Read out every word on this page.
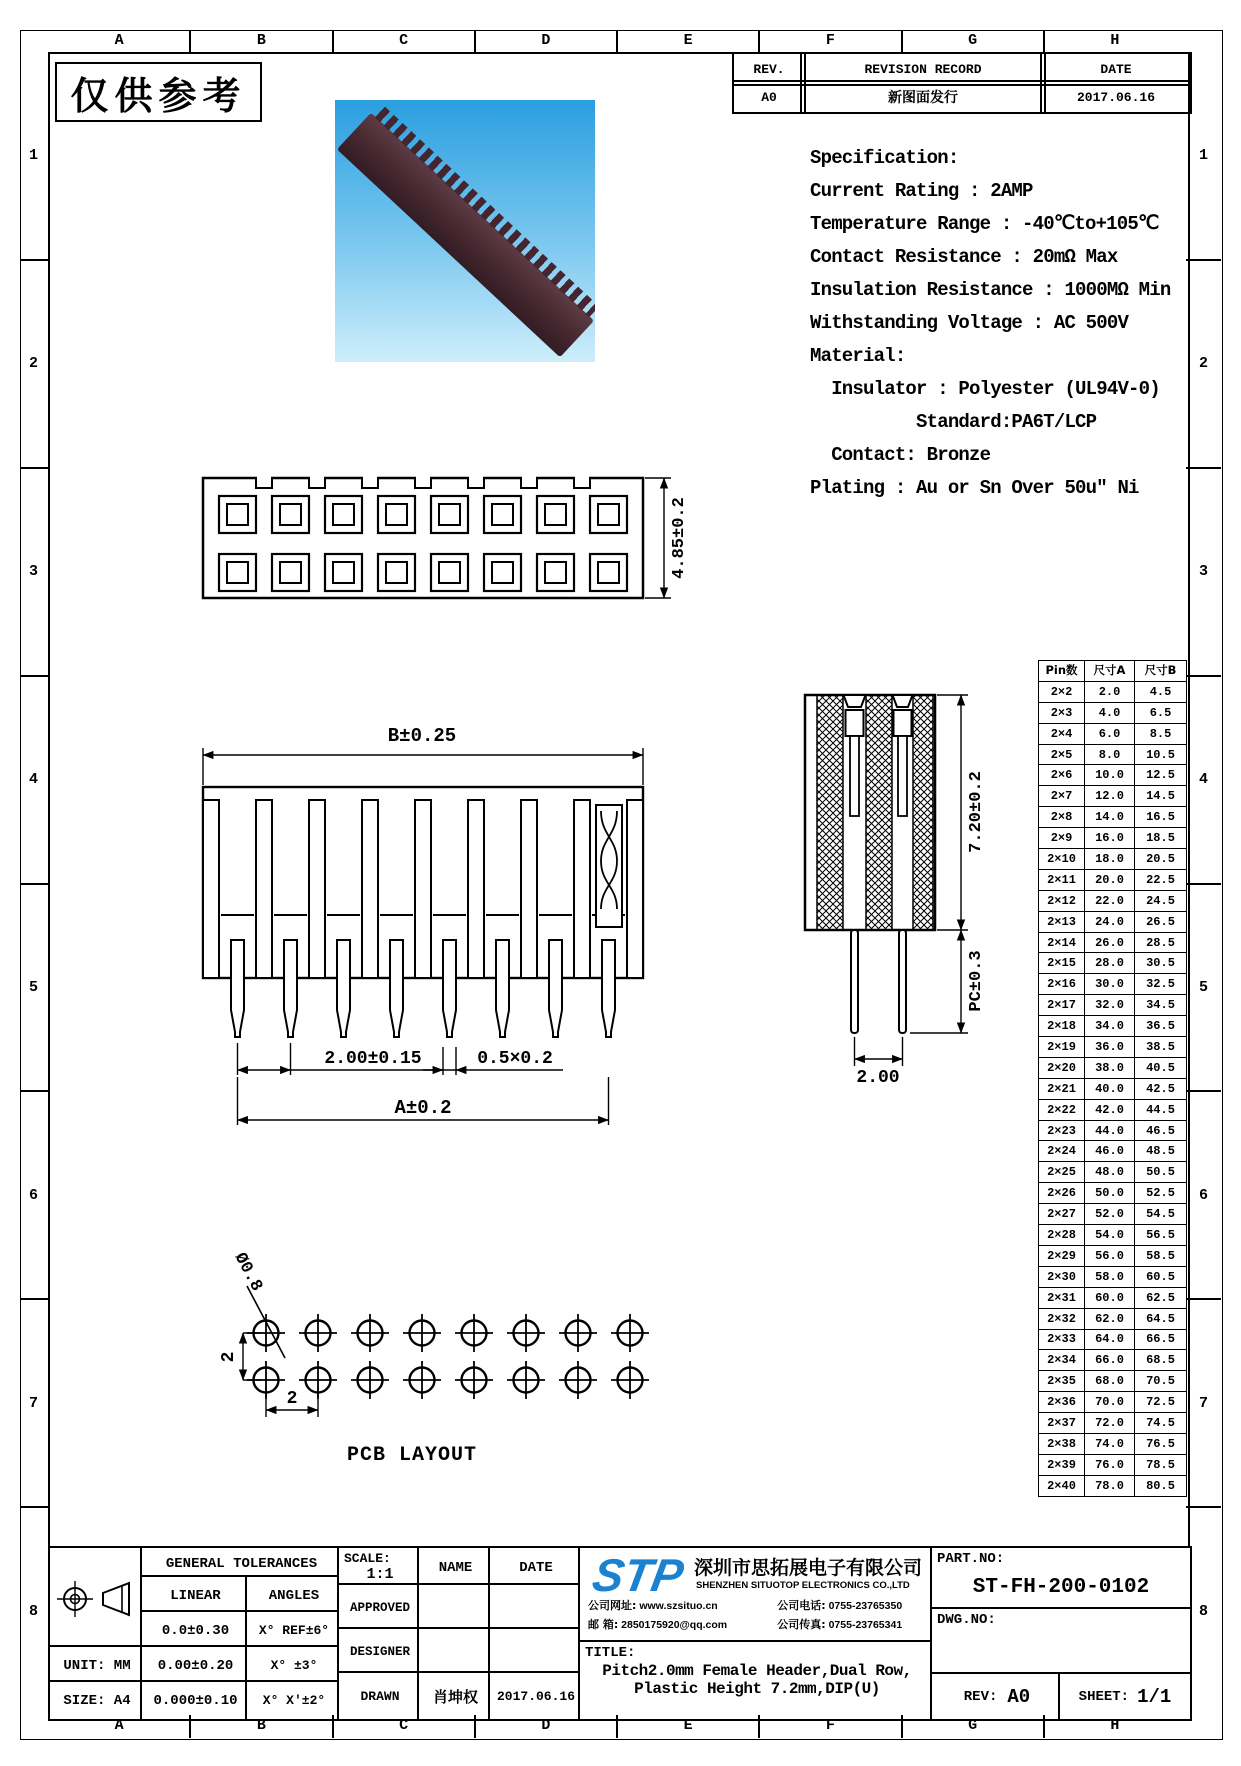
仅供参考
REV.	REVISION RECORD	DATE
A0	新图面发行	2017.06.16
Specification:
Current Rating : 2AMP
Temperature Range : -40℃to+105℃
Contact Resistance : 20mΩ Max
Insulation Resistance : 1000MΩ Min
Withstanding Voltage : AC 500V
Material:
Insulator : Polyester (UL94V-0)
Standard:PA6T/LCP
Contact: Bronze
Plating : Au or Sn Over 50u″ Ni
4.85±0.2
B±0.25
2.00±0.15	0.5×0.2
A±0.2
7.20±0.2
PC±0.3
2.00
Ø0.8
2
2
PCB LAYOUT
Pin数	尺寸A	尺寸B
2×2	2.0	4.5
2×3	4.0	6.5
2×4	6.0	8.5
2×5	8.0	10.5
2×6	10.0	12.5
2×7	12.0	14.5
2×8	14.0	16.5
2×9	16.0	18.5
2×10	18.0	20.5
2×11	20.0	22.5
2×12	22.0	24.5
2×13	24.0	26.5
2×14	26.0	28.5
2×15	28.0	30.5
2×16	30.0	32.5
2×17	32.0	34.5
2×18	34.0	36.5
2×19	36.0	38.5
2×20	38.0	40.5
2×21	40.0	42.5
2×22	42.0	44.5
2×23	44.0	46.5
2×24	46.0	48.5
2×25	48.0	50.5
2×26	50.0	52.5
2×27	52.0	54.5
2×28	54.0	56.5
2×29	56.0	58.5
2×30	58.0	60.5
2×31	60.0	62.5
2×32	62.0	64.5
2×33	64.0	66.5
2×34	66.0	68.5
2×35	68.0	70.5
2×36	70.0	72.5
2×37	72.0	74.5
2×38	74.0	76.5
2×39	76.0	78.5
2×40	78.0	80.5
UNIT: MM
SIZE: A4
GENERAL TOLERANCES
LINEAR	ANGLES
0.0±0.30	X° REF±6°
0.00±0.20	X° ±3°
0.000±0.10	X° X'±2°
SCALE:
1:1	NAME	DATE
APPROVED
DESIGNER
DRAWN	肖坤权	2017.06.16
STP 深圳市思拓展电子有限公司
SHENZHEN SITUOTOP ELECTRONICS CO.,LTD
公司网址: www.szsituo.cn	公司电话: 0755-23765350
邮 箱: 2850175920@qq.com	公司传真: 0755-23765341
TITLE:
Pitch2.0mm Female Header,Dual Row,
Plastic Height 7.2mm,DIP(U)
PART.NO:
ST-FH-200-0102
DWG.NO:
REV: A0	SHEET: 1/1
A
A
B
B
C
C
D
D
E
E
F
F
G
G
H
H
1	1
2	2
3	3
4	4
5	5
6	6
7	7
8	8
